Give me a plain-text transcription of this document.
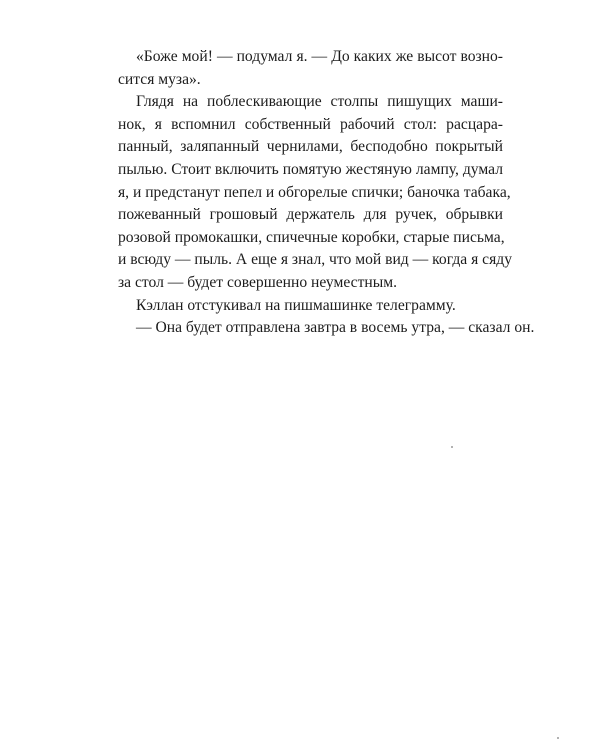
«Боже мой! — подумал я. — До каких же высот возно-
сится муза».
Глядя на поблескивающие столпы пишущих маши-
нок, я вспомнил собственный рабочий стол: расцара-
панный, заляпанный чернилами, бесподобно покрытый
пылью. Стоит включить помятую жестяную лампу, думал
я, и предстанут пепел и обгорелые спички; баночка табака,
пожеванный грошовый держатель для ручек, обрывки
розовой промокашки, спичечные коробки, старые письма,
и всюду — пыль. А еще я знал, что мой вид — когда я сяду
за стол — будет совершенно неуместным.
Кэллан отстукивал на пишмашинке телеграмму.
— Она будет отправлена завтра в восемь утра, — сказал он.
